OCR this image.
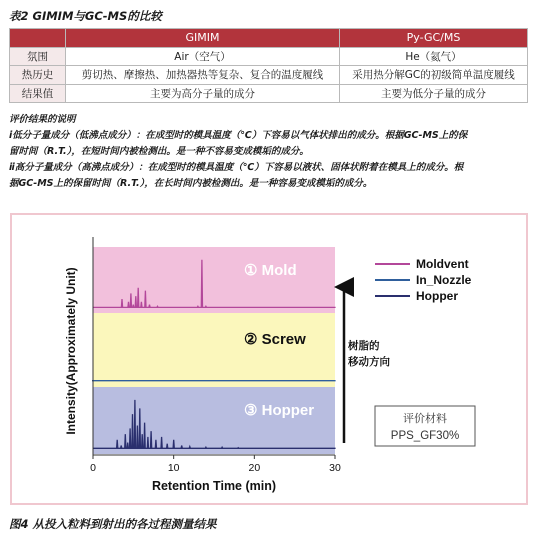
表2 GIMIM与GC-MS的比较
	GIMIM	Py-GC/MS
氛围	Air（空气）	He（氦气）
热历史	剪切热、摩擦热、加热器热等复杂、复合的温度履线	采用热分解GC的初级简单温度履线
结果值	主要为高分子量的成分	主要为低分子量的成分
评价结果的说明
ⅰ低分子量成分（低沸点成分）：在成型时的模具温度（℃）下容易以气体状排出的成分。根据GC-MS上的保
留时间（R.T.），在短时间内被检测出。是一种不容易变成模垢的成分。
ⅱ高分子量成分（高沸点成分）：在成型时的模具温度（℃）下容易以液状、固体状附着在模具上的成分。根
据GC-MS上的保留时间（R.T.），在长时间内被检测出。是一种容易变成模垢的成分。
① Mold
② Screw
③ Hopper
0	10	20	30
Retention Time (min)
Intensity(Approximately Unit)
Moldvent
In_Nozzle
Hopper
树脂的
移动方向
评价材料
PPS_GF30%
图4 从投入粒料到射出的各过程测量结果
